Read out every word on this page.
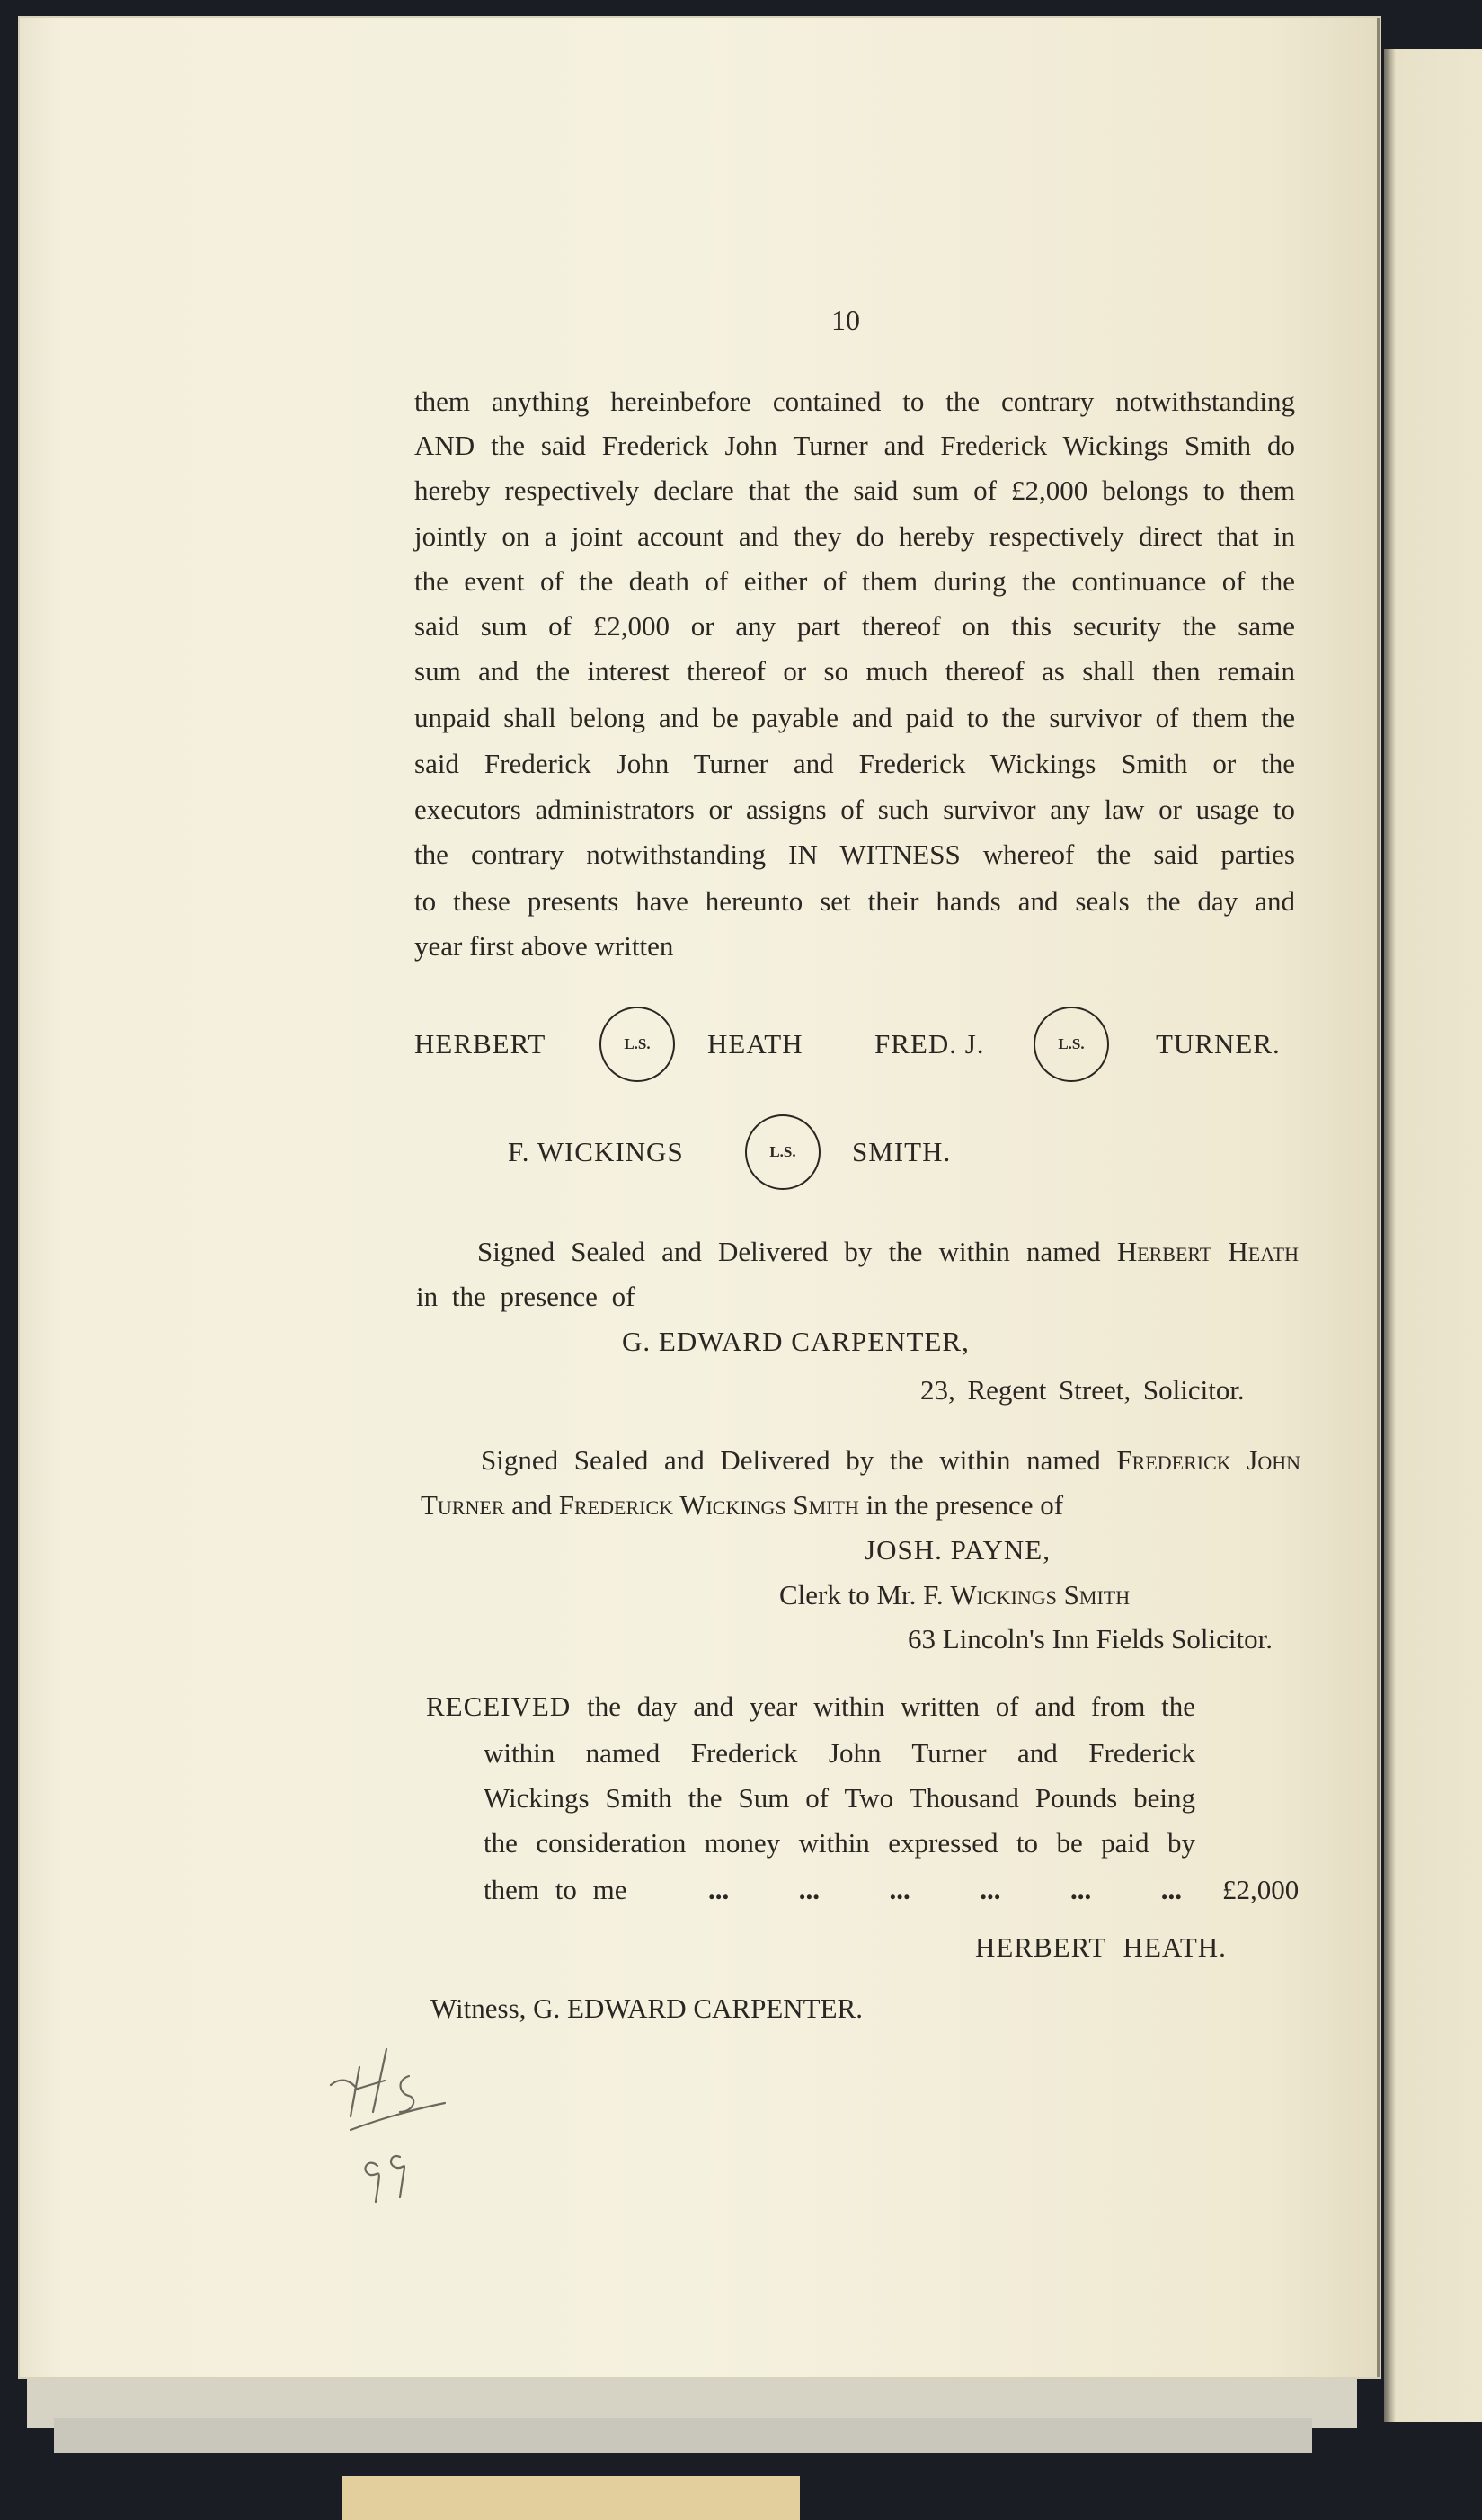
10
them anything hereinbefore contained to the contrary notwithstanding
AND the said Frederick John Turner and Frederick Wickings Smith do
hereby respectively declare that the said sum of £2,000 belongs to them
jointly on a joint account and they do hereby respectively direct that in
the event of the death of either of them during the continuance of the
said sum of £2,000 or any part thereof on this security the same
sum and the interest thereof or so much thereof as shall then remain
unpaid shall belong and be payable and paid to the survivor of them the
said Frederick John Turner and Frederick Wickings Smith or the
executors administrators or assigns of such survivor any law or usage to
the contrary notwithstanding IN WITNESS whereof the said parties
to these presents have hereunto set their hands and seals the day and
year first above written
HERBERT	L.S.	HEATH	FRED. J.	L.S.	TURNER.
F. WICKINGS	L.S.	SMITH.
Signed Sealed and Delivered by the within named Herbert Heath
in the presence of
G. EDWARD CARPENTER,
23, Regent Street, Solicitor.
Signed Sealed and Delivered by the within named Frederick John
Turner and Frederick Wickings Smith in the presence of
JOSH. PAYNE,
Clerk to Mr. F. Wickings Smith
63 Lincoln's Inn Fields Solicitor.
RECEIVED the day and year within written of and from the
within named Frederick John Turner and Frederick
Wickings Smith the Sum of Two Thousand Pounds being
the consideration money within expressed to be paid by
them to me	...          ...          ...          ...          ...          ... £2,000
HERBERT HEATH.
Witness, G. EDWARD CARPENTER.
